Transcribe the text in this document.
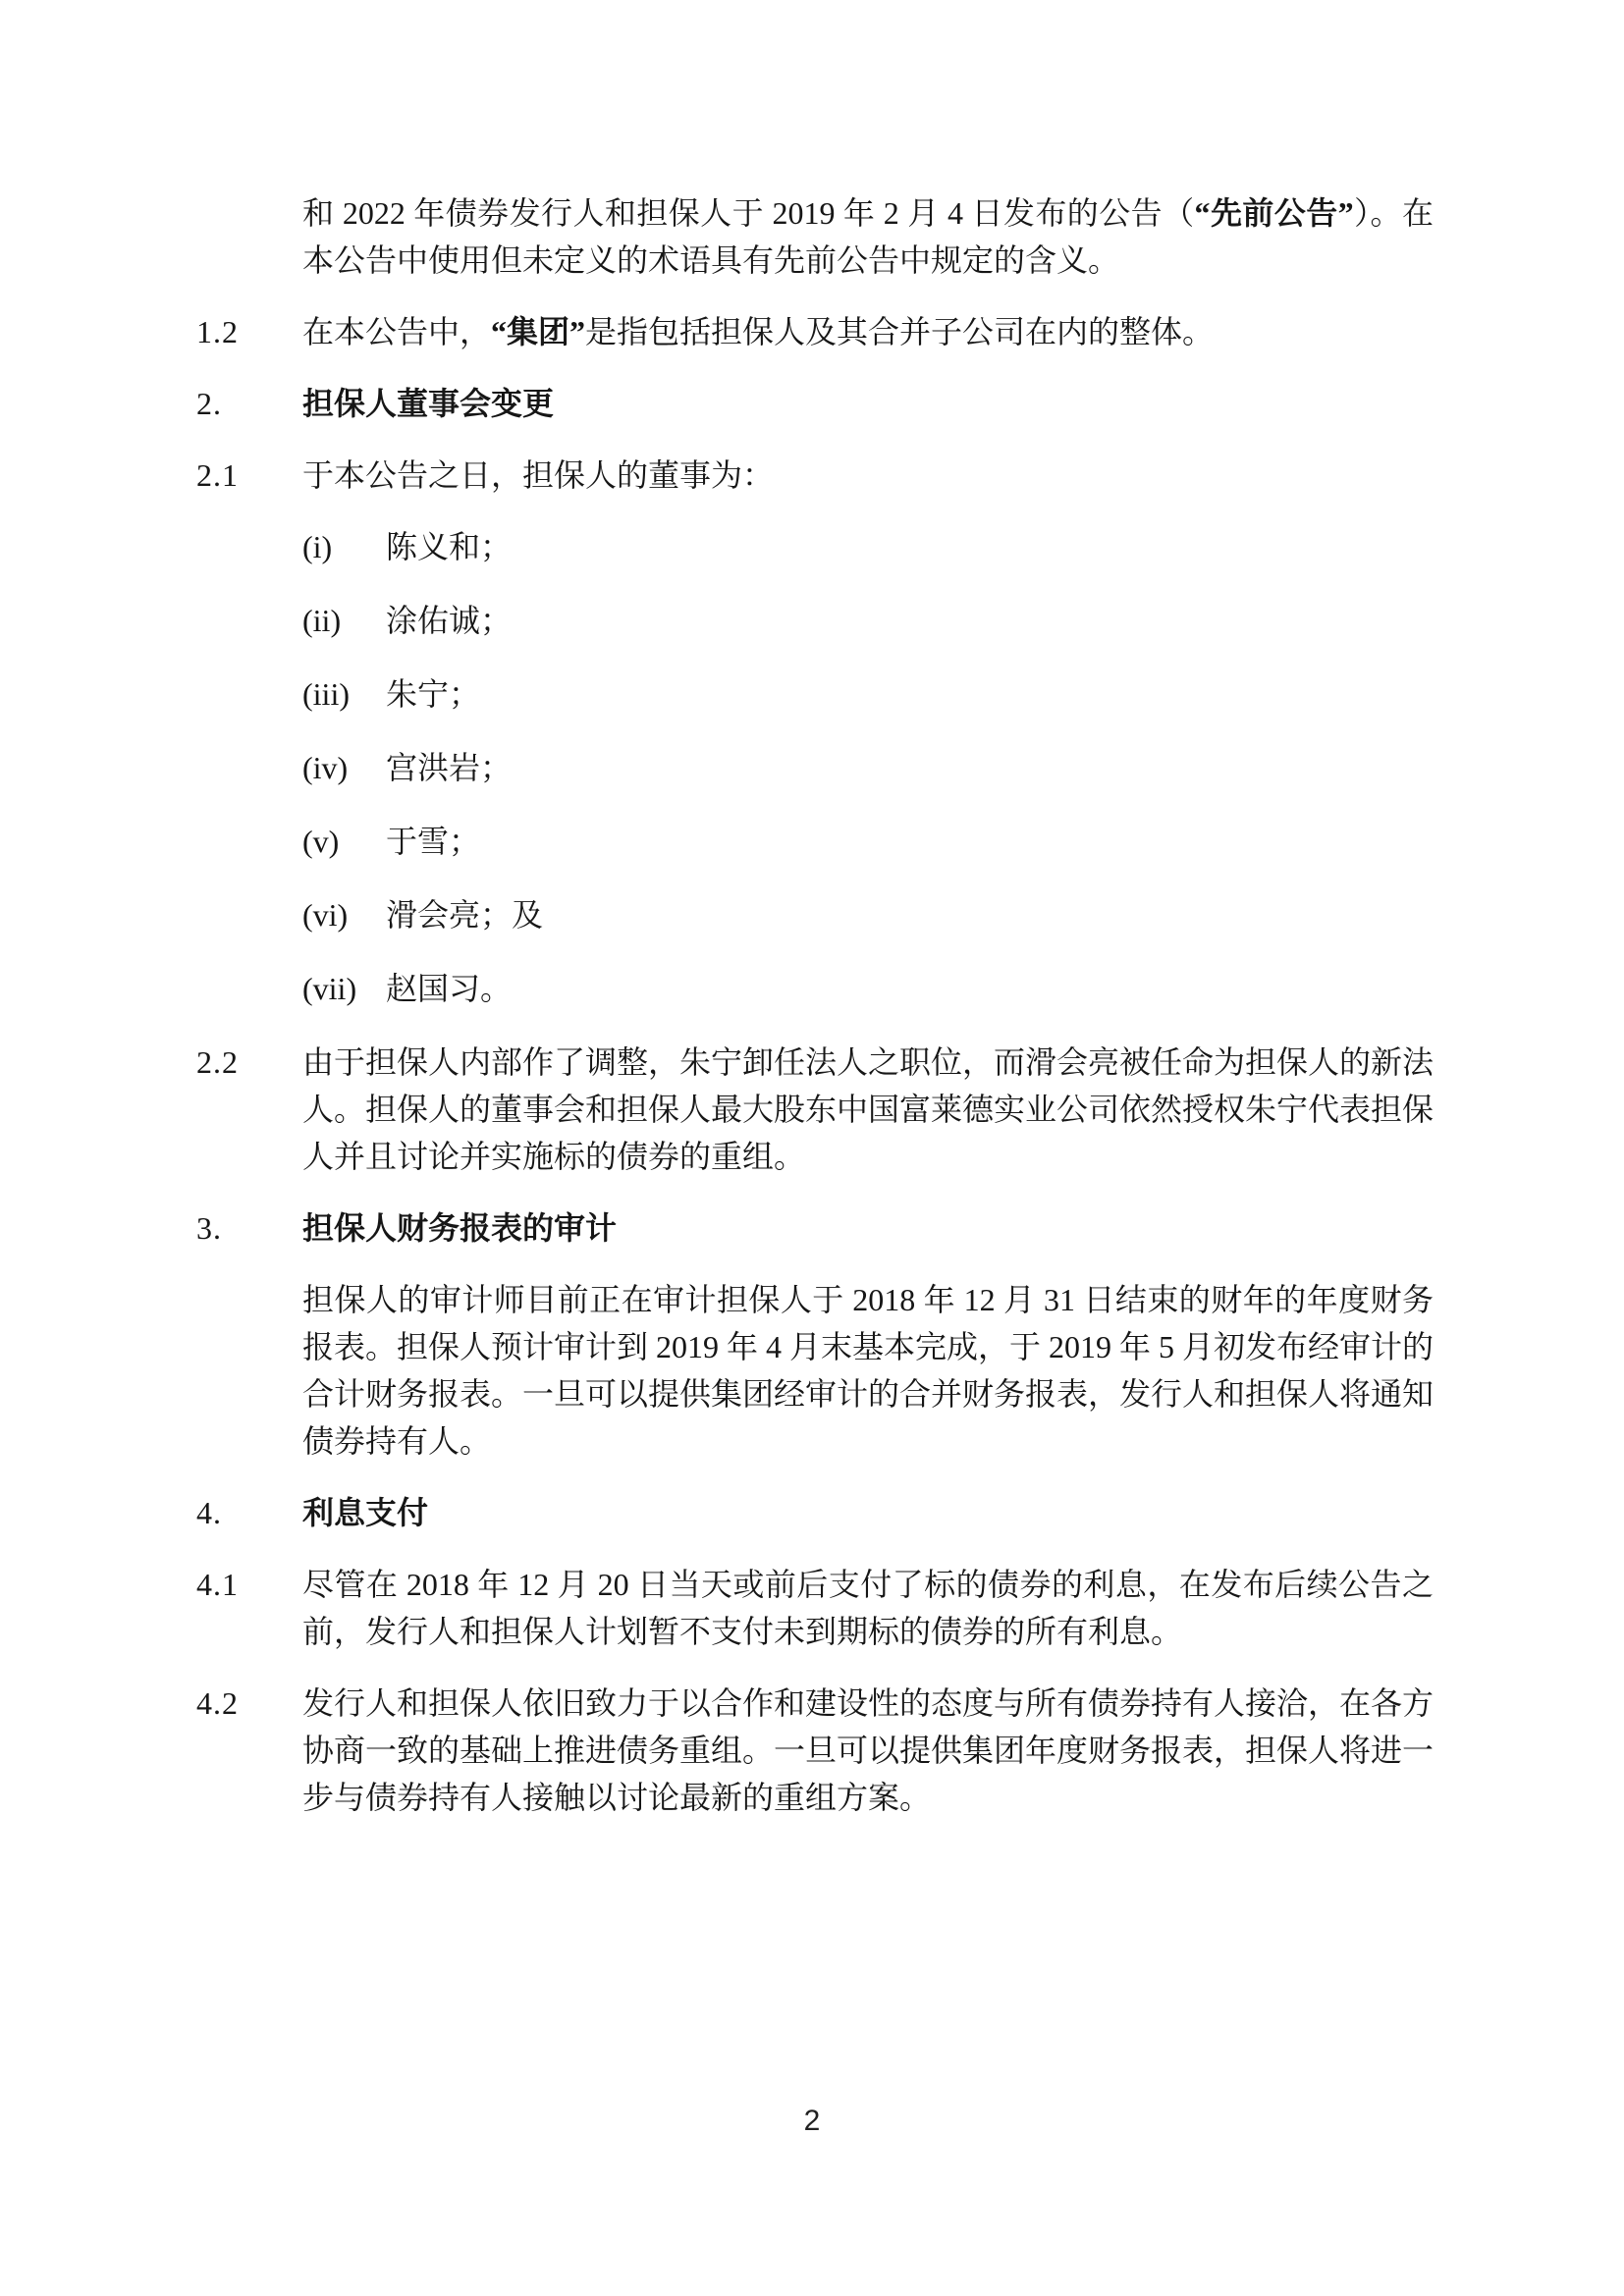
和 2022 年债券发行人和担保人于 2019 年 2 月 4 日发布的公告（“先前公告”）。在本公告中使用但未定义的术语具有先前公告中规定的含义。

1.2	在本公告中，“集团”是指包括担保人及其合并子公司在内的整体。

2.	担保人董事会变更
2.1	于本公告之日，担保人的董事为：

(i)	陈义和；
(ii)	涂佑诚；
(iii)	朱宁；
(iv)	宫洪岩；
(v)	于雪；
(vi)	滑会亮；及
(vii) 赵国习。
2.2	由于担保人内部作了调整，朱宁卸任法人之职位，而滑会亮被任命为担保人的新法人。担保人的董事会和担保人最大股东中国富莱德实业公司依然授权朱宁代表担保人并且讨论并实施标的债券的重组。

3.	担保人财务报表的审计

担保人的审计师目前正在审计担保人于 2018 年 12 月 31 日结束的财年的年度财务报表。担保人预计审计到 2019 年 4 月末基本完成，于 2019 年 5 月初发布经审计的合计财务报表。一旦可以提供集团经审计的合并财务报表，发行人和担保人将通知债券持有人。

4.	利息支付
4.1	尽管在 2018 年 12 月 20 日当天或前后支付了标的债券的利息，在发布后续公告之前，发行人和担保人计划暂不支付未到期标的债券的所有利息。

4.2	发行人和担保人依旧致力于以合作和建设性的态度与所有债券持有人接洽，在各方协商一致的基础上推进债务重组。一旦可以提供集团年度财务报表，担保人将进一步与债券持有人接触以讨论最新的重组方案。

2
